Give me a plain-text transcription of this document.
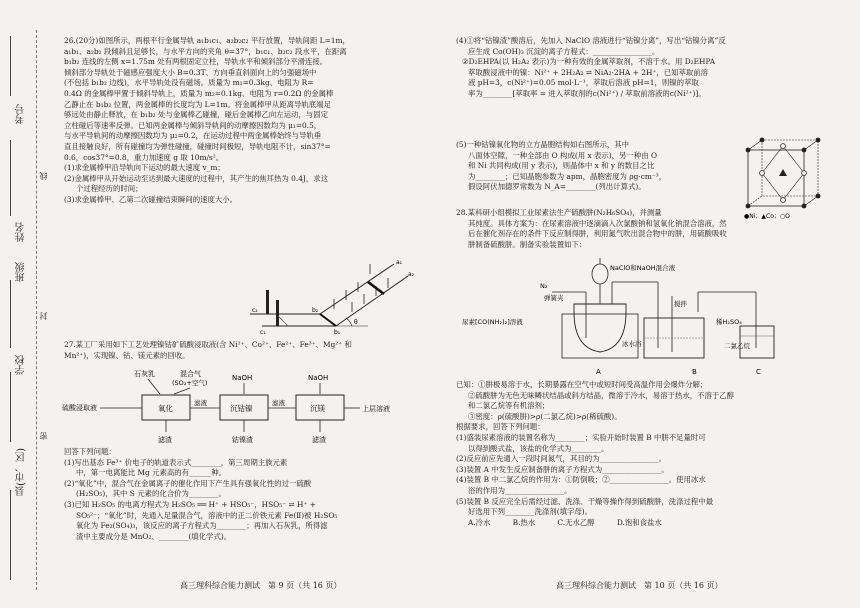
考号
姓名
班级
学校
县(市、区)
线
封
密

26.(20分)如图所示，两根平行金属导轨 a₁b₁c₁、a₂b₂c₂ 平行放置，导轨间距 L=1m，

a₁b₁、a₂b₂ 段倾斜且足够长，与水平方向的夹角 θ=37°，b₁c₁、b₂c₂ 段水平，在距离

b₁b₂ 连线的左侧 x=1.75m 处有两根固定立柱，导轨水平和倾斜部分平滑连接。

倾斜部分导轨处于磁感应强度大小 B=0.3T、方向垂直斜面向上的匀强磁场中

(不包括 b₁b₂ 边线)，水平导轨处没有磁场。质量为 m₁=0.3kg、电阻为 R=

0.4Ω 的金属棒甲置于倾斜导轨上，质量为 m₂=0.1kg、电阻为 r=0.2Ω 的金属棒

乙静止在 b₁b₂ 位置，两金属棒的长度均为 L=1m。将金属棒甲从距离导轨底端足

够远处由静止释放，在 b₁b₂ 处与金属棒乙碰撞，碰后金属棒乙向左运动，与固定

立柱碰后等速率反弹。已知两金属棒与倾斜导轨间的动摩擦因数均为 μ₁=0.5，

与水平导轨间的动摩擦因数均为 μ₂=0.2，在运动过程中两金属棒始终与导轨垂

直且接触良好，所有碰撞均为弹性碰撞，碰撞时间极短，导轨电阻不计，sin37°=

0.6，cos37°=0.8，重力加速度 g 取 10m/s²。

(1)求金属棒甲沿导轨向下运动的最大速度 v_m；

(2)金属棒甲从开始运动至达到最大速度的过程中，其产生的焦耳热为 0.4J，求这

个过程经历的时间；

(3)求金属棒甲、乙第二次碰撞结束瞬间的速度大小。

a₁
a₂
b₂
b₁
c₂
c₁
θ

27.某工厂采用如下工艺处理镍钴矿硫酸浸取液(含 Ni²⁺、Co²⁺、Fe²⁺、Fe³⁺、Mg²⁺ 和

Mn²⁺)，实现镍、钴、镁元素的回收。

石灰乳	混合气
(SO₂+空气)
NaOH	NaOH
硫酸浸取液	氧化
滤液
沉钴镍
滤液
沉镁	上层溶液
滤渣	钴镍渣	滤渣

回答下列问题：

(1)写出基态 Fe³⁺ 价电子的轨道表示式________，第三周期主族元素

中，第一电离能比 Mg 元素高的有______种。

(2)“氧化”中，混合气在金属离子的催化作用下产生具有强氧化性的过一硫酸

(H₂SO₅)，其中 S 元素的化合价为________。

(3)已知 H₂SO₅ 的电离方程式为 H₂SO₅ ══ H⁺ + HSO₅⁻，HSO₅⁻ ⇌ H⁺ +

SO₅²⁻；“氧化”时，先通入足量混合气，溶液中的正二价铁元素 Fe(Ⅱ)被 H₂SO₅

氧化为 Fe₂(SO₄)₃，该反应的离子方程式为________；再加入石灰乳，所得滤

渣中主要成分是 MnO₂、________(填化学式)。

高三理科综合能力测试　第 9 页（共 16 页）

(4)①将“钴镍渣”酸溶后，先加入 NaClO 溶液进行“钴镍分离”，写出“钴镍分离”反

应生成 Co(OH)₃ 沉淀的离子方程式：________________。

②D₂EHPA(以 H₂A₂ 表示)为一种有效的金属萃取剂，不溶于水。用 D₂EHPA

萃取酸浸液中的镍：Ni²⁺ + 2H₂A₂ ⇌ NiA₂·2HA + 2H⁺，已知萃取前溶

液 pH=3，c(Ni²⁺)=0.05 mol·L⁻¹，萃取后溶液 pH=1，则镍的萃取

率为________[萃取率 = 进入萃取剂的c(Ni²⁺) / 萃取前溶液的c(Ni²⁺)]。

(5)一种钴镍氧化物的立方晶胞结构如右图所示，其中

八面体空隙，一种全部由 O 构成(用 x 表示)，另一种由 O

和 Ni 共同构成(用 y 表示)，则晶体中 x 和 y 的数目之比

为________；已知晶胞参数为 apm，晶胞密度为 ρg·cm⁻³，

假设阿伏加德罗常数为 N_A=________(列出计算式)。

●Ni；▲Co；○O

28.某科研小组模拟工业尿素法生产硫酸肼(N₂H₆SO₄)，并测量

其纯度。具体方案为：在尿素溶液中逐滴滴入次氯酸钠和氢氧化钠混合溶液，然

后在催化剂存在的条件下反应制得肼，利用氮气吹出混合物中的肼，用硫酸吸收

肼制备硫酸肼。制备实验装置如下：

NaClO和NaOH混合液
N₂
弹簧夹
搅拌
尿素[CO(NH₂)₂]溶液
冰水浴
稀H₂SO₄
二氯乙烷
A	B	C

已知：①肼极易溶于水，长期暴露在空气中或短时间受高温作用会爆炸分解；

②硫酸肼为无色无味鳞状结晶或斜方结晶，微溶于冷水，易溶于热水，不溶于乙醇

和二氯乙烷等有机溶剂；

③密度：ρ(硫酸肼)>ρ(二氯乙烷)>ρ(稀硫酸)。

根据要求，回答下列问题：

(1)盛装尿素溶液的装置名称为________；实验开始时装置 B 中肼不足量时可

以得到酸式盐，该盐的化学式为________。

(2)反应前应先通入一段时间氮气，其目的为________________。

(3)装置 A 中发生反应制备肼的离子方程式为________________。

(4)装置 B 中二氯乙烷的作用为：①防倒吸；②________________。使用冰水

浴的作用为________________。

(5)装置 B 反应完全后需经过滤、洗涤、干燥等操作得到硫酸肼，洗涤过程中最

好选用下列________洗涤剂(填字母)。

A.冷水　　　B.热水　　　C.无水乙醇　　　D.饱和食盐水

高三理科综合能力测试　第 10 页（共 16 页）
